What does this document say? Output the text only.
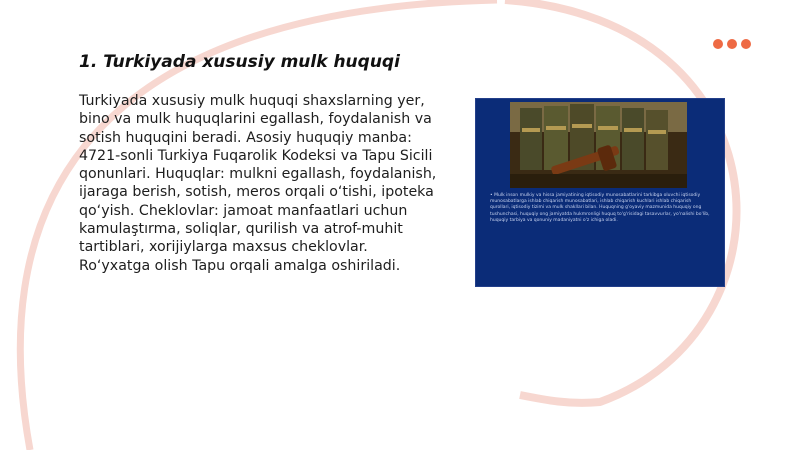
1. Turkiyada xususiy mulk huquqi

Turkiyada xususiy mulk huquqi shaxslarning yer, bino va mulk huquqlarini egallash, foydalanish va sotish huquqini beradi. Asosiy huquqiy manba: 4721-sonli Turkiya Fuqarolik Kodeksi va Tapu Sicili qonunlari. Huquqlar: mulkni egallash, foydalanish, ijaraga berish, sotish, meros orqali o‘tishi, ipoteka qo‘yish. Cheklovlar: jamoat manfaatlari uchun kamulaştırma, soliqlar, qurilish va atrof-muhit tartiblari, xorijiylarga maxsus cheklovlar. Ro‘yxatga olish Tapu orqali amalga oshiriladi.

• Mulk inson mulkiy va hissa jamiyatining iqtisodiy munosabatlarini tarkibga oluvchi iqtisodiy munosabatlarga ishlab chiqarish munosabatlari, ishlab chiqarish kuchlari ishlab chiqarish qurollari, iqtisodiy tizimi va mulk shakllari bilan. Huquqning g'oyaviy mazmunida huquqiy ong tushunchasi, huquqiy ong jamiyatda hukmronligi huquq to'g'risidagi tasavvurlar, yo'nalishi bo'lib, huquqiy tarbiya va qonuniy madaniyatni o'z ichiga oladi.
